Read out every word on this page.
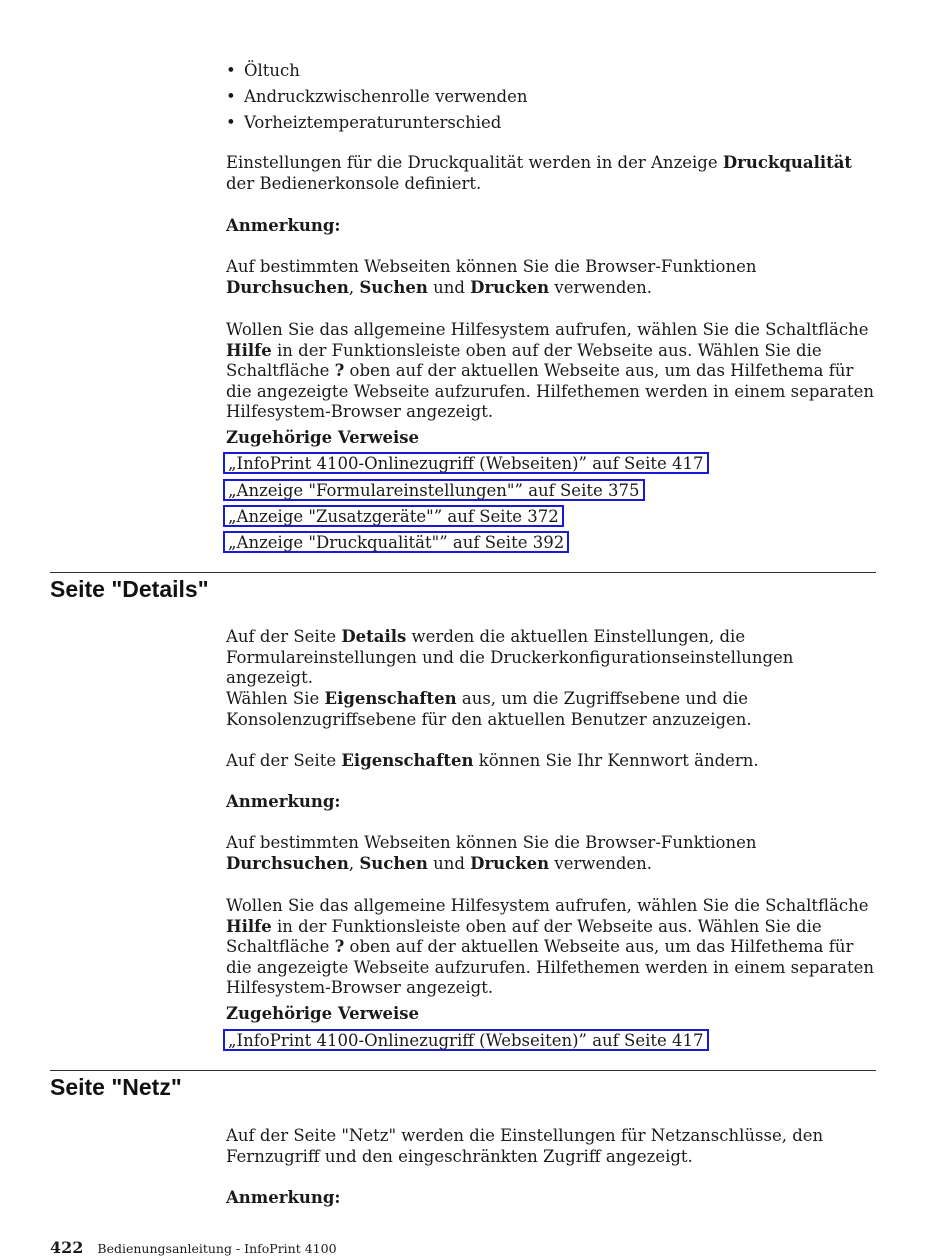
• Öltuch
• Andruckzwischenrolle verwenden
• Vorheiztemperaturunterschied

Einstellungen für die Druckqualität werden in der Anzeige Druckqualität der Bedienerkonsole definiert.

Anmerkung:

Auf bestimmten Webseiten können Sie die Browser-Funktionen Durchsuchen, Suchen und Drucken verwenden.

Wollen Sie das allgemeine Hilfesystem aufrufen, wählen Sie die Schaltfläche Hilfe in der Funktionsleiste oben auf der Webseite aus. Wählen Sie die Schaltfläche ? oben auf der aktuellen Webseite aus, um das Hilfethema für die angezeigte Webseite aufzurufen. Hilfethemen werden in einem separaten Hilfesystem-Browser angezeigt.

Zugehörige Verweise

„InfoPrint 4100-Onlinezugriff (Webseiten)” auf Seite 417
„Anzeige "Formulareinstellungen"” auf Seite 375
„Anzeige "Zusatzgeräte"” auf Seite 372
„Anzeige "Druckqualität"” auf Seite 392
Seite "Details"

Auf der Seite Details werden die aktuellen Einstellungen, die Formulareinstellungen und die Druckerkonfigurationseinstellungen angezeigt.

Wählen Sie Eigenschaften aus, um die Zugriffsebene und die Konsolenzugriffsebene für den aktuellen Benutzer anzuzeigen.

Auf der Seite Eigenschaften können Sie Ihr Kennwort ändern.

Anmerkung:

Auf bestimmten Webseiten können Sie die Browser-Funktionen Durchsuchen, Suchen und Drucken verwenden.

Wollen Sie das allgemeine Hilfesystem aufrufen, wählen Sie die Schaltfläche Hilfe in der Funktionsleiste oben auf der Webseite aus. Wählen Sie die Schaltfläche ? oben auf der aktuellen Webseite aus, um das Hilfethema für die angezeigte Webseite aufzurufen. Hilfethemen werden in einem separaten Hilfesystem-Browser angezeigt.

Zugehörige Verweise

„InfoPrint 4100-Onlinezugriff (Webseiten)” auf Seite 417
Seite "Netz"

Auf der Seite "Netz" werden die Einstellungen für Netzanschlüsse, den Fernzugriff und den eingeschränkten Zugriff angezeigt.

Anmerkung:

422 Bedienungsanleitung - InfoPrint 4100
